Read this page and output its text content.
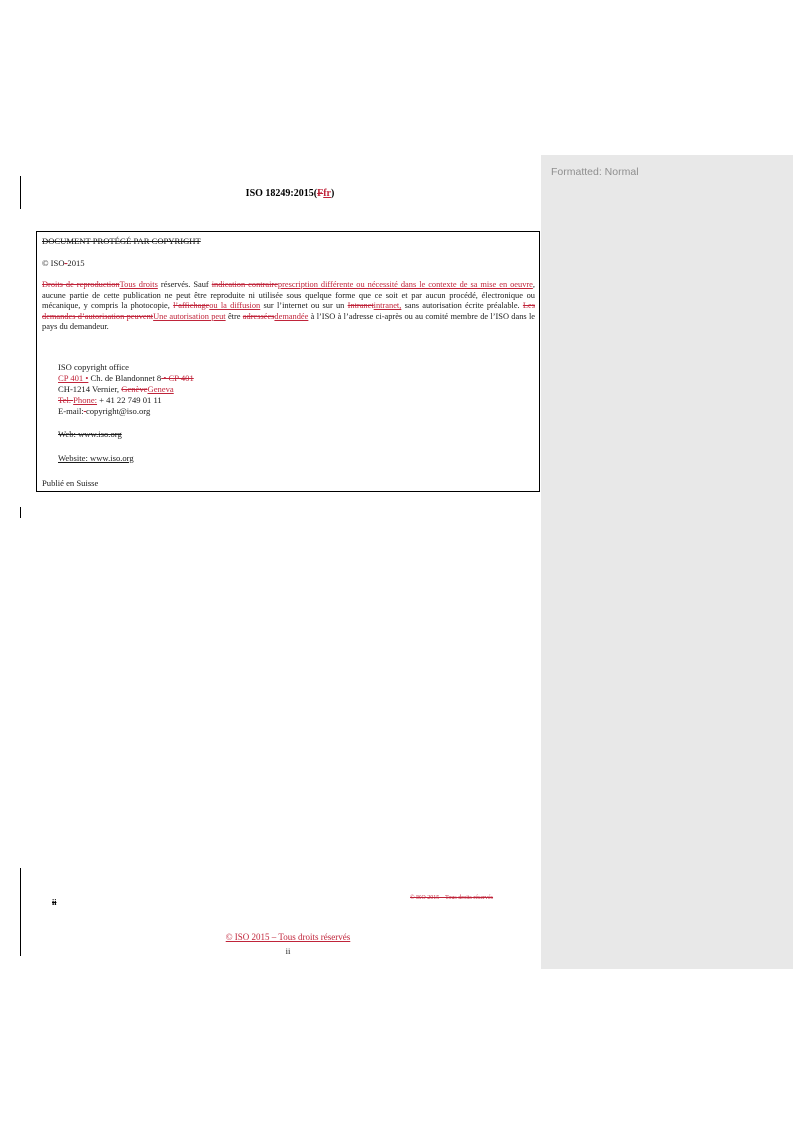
Formatted: Normal
ISO 18249:2015(Ffr)
DOCUMENT PROTÉGÉ PAR COPYRIGHT
© ISO-2015
Droits de reproductionTous droits réservés. Sauf indication contraireprescription différente ou nécessité dans le contexte de sa mise en oeuvre, aucune partie de cette publication ne peut être reproduite ni utilisée sous quelque forme que ce soit et par aucun procédé, électronique ou mécanique, y compris la photocopie, l’affichageou la diffusion sur l’internet ou sur un Intranetintranet, sans autorisation écrite préalable. Les demandes d’autorisation peuventUne autorisation peut être adresséesdemandée à l’ISO à l’adresse ci-après ou au comité membre de l’ISO dans le pays du demandeur.
ISO copyright office
CP 401 • Ch. de Blandonnet 8 • CP 401
CH-1214 Vernier, GenèveGeneva
Tel. Phone: + 41 22 749 01 11
E-mail: copyright@iso.org
Web: www.iso.org
Website: www.iso.org
Publié en Suisse
ii	© ISO 2015 – Tous droits réservés
© ISO 2015 – Tous droits réservés
ii
